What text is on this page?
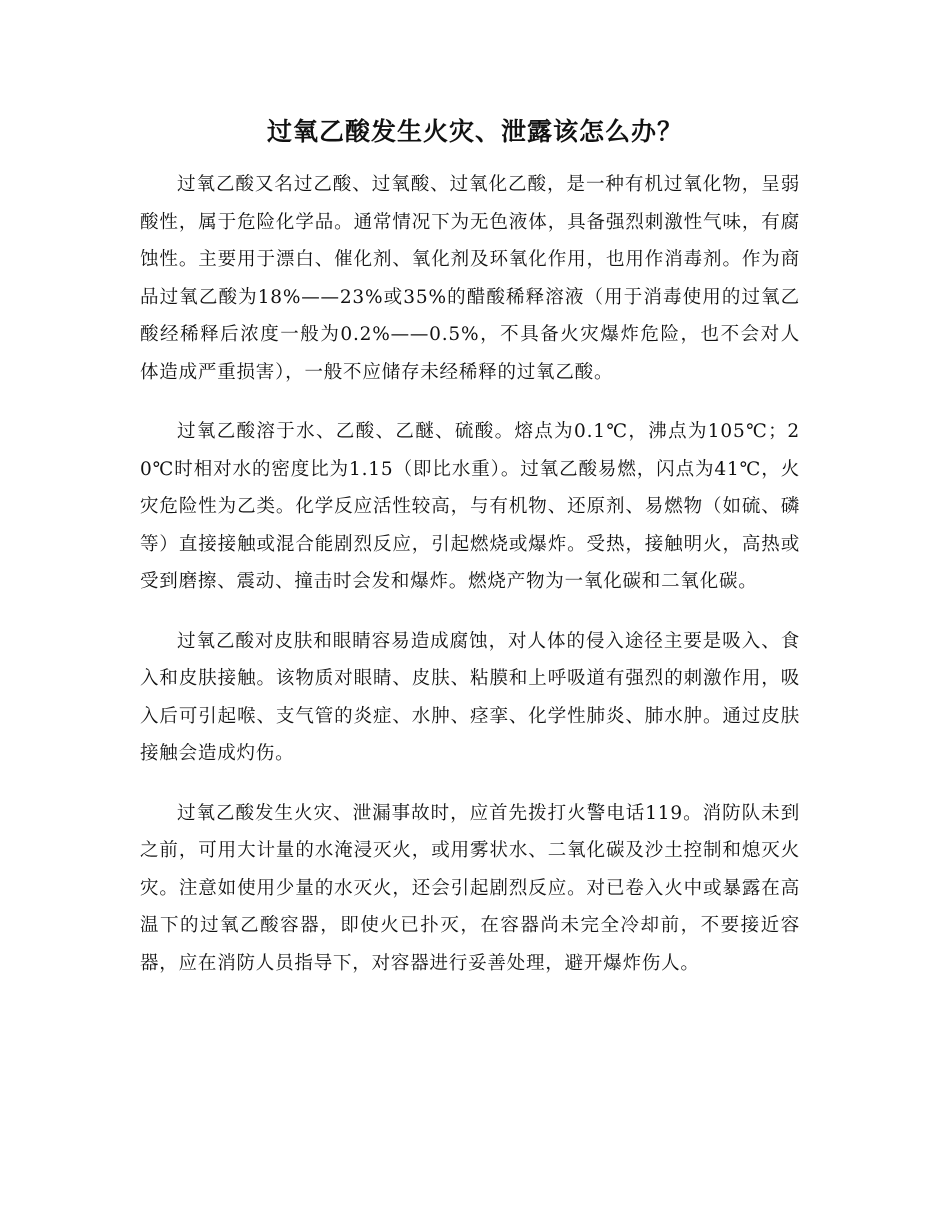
过氧乙酸发生火灾、泄露该怎么办？

过氧乙酸又名过乙酸、过氧酸、过氧化乙酸，是一种有机过氧化物，呈弱酸性，属于危险化学品。通常情况下为无色液体，具备强烈刺激性气味，有腐蚀性。主要用于漂白、催化剂、氧化剂及环氧化作用，也用作消毒剂。作为商品过氧乙酸为18%——23%或35%的醋酸稀释溶液（用于消毒使用的过氧乙酸经稀释后浓度一般为0.2%——0.5%，不具备火灾爆炸危险，也不会对人体造成严重损害），一般不应储存未经稀释的过氧乙酸。

过氧乙酸溶于水、乙酸、乙醚、硫酸。熔点为0.1℃，沸点为105℃；20℃时相对水的密度比为1.15（即比水重）。过氧乙酸易燃，闪点为41℃，火灾危险性为乙类。化学反应活性较高，与有机物、还原剂、易燃物（如硫、磷等）直接接触或混合能剧烈反应，引起燃烧或爆炸。受热，接触明火，高热或受到磨擦、震动、撞击时会发和爆炸。燃烧产物为一氧化碳和二氧化碳。

过氧乙酸对皮肤和眼睛容易造成腐蚀，对人体的侵入途径主要是吸入、食入和皮肤接触。该物质对眼睛、皮肤、粘膜和上呼吸道有强烈的刺激作用，吸入后可引起喉、支气管的炎症、水肿、痉挛、化学性肺炎、肺水肿。通过皮肤接触会造成灼伤。

过氧乙酸发生火灾、泄漏事故时，应首先拨打火警电话119。消防队未到之前，可用大计量的水淹浸灭火，或用雾状水、二氧化碳及沙土控制和熄灭火灾。注意如使用少量的水灭火，还会引起剧烈反应。对已卷入火中或暴露在高温下的过氧乙酸容器，即使火已扑灭，在容器尚未完全冷却前，不要接近容器，应在消防人员指导下，对容器进行妥善处理，避开爆炸伤人。
